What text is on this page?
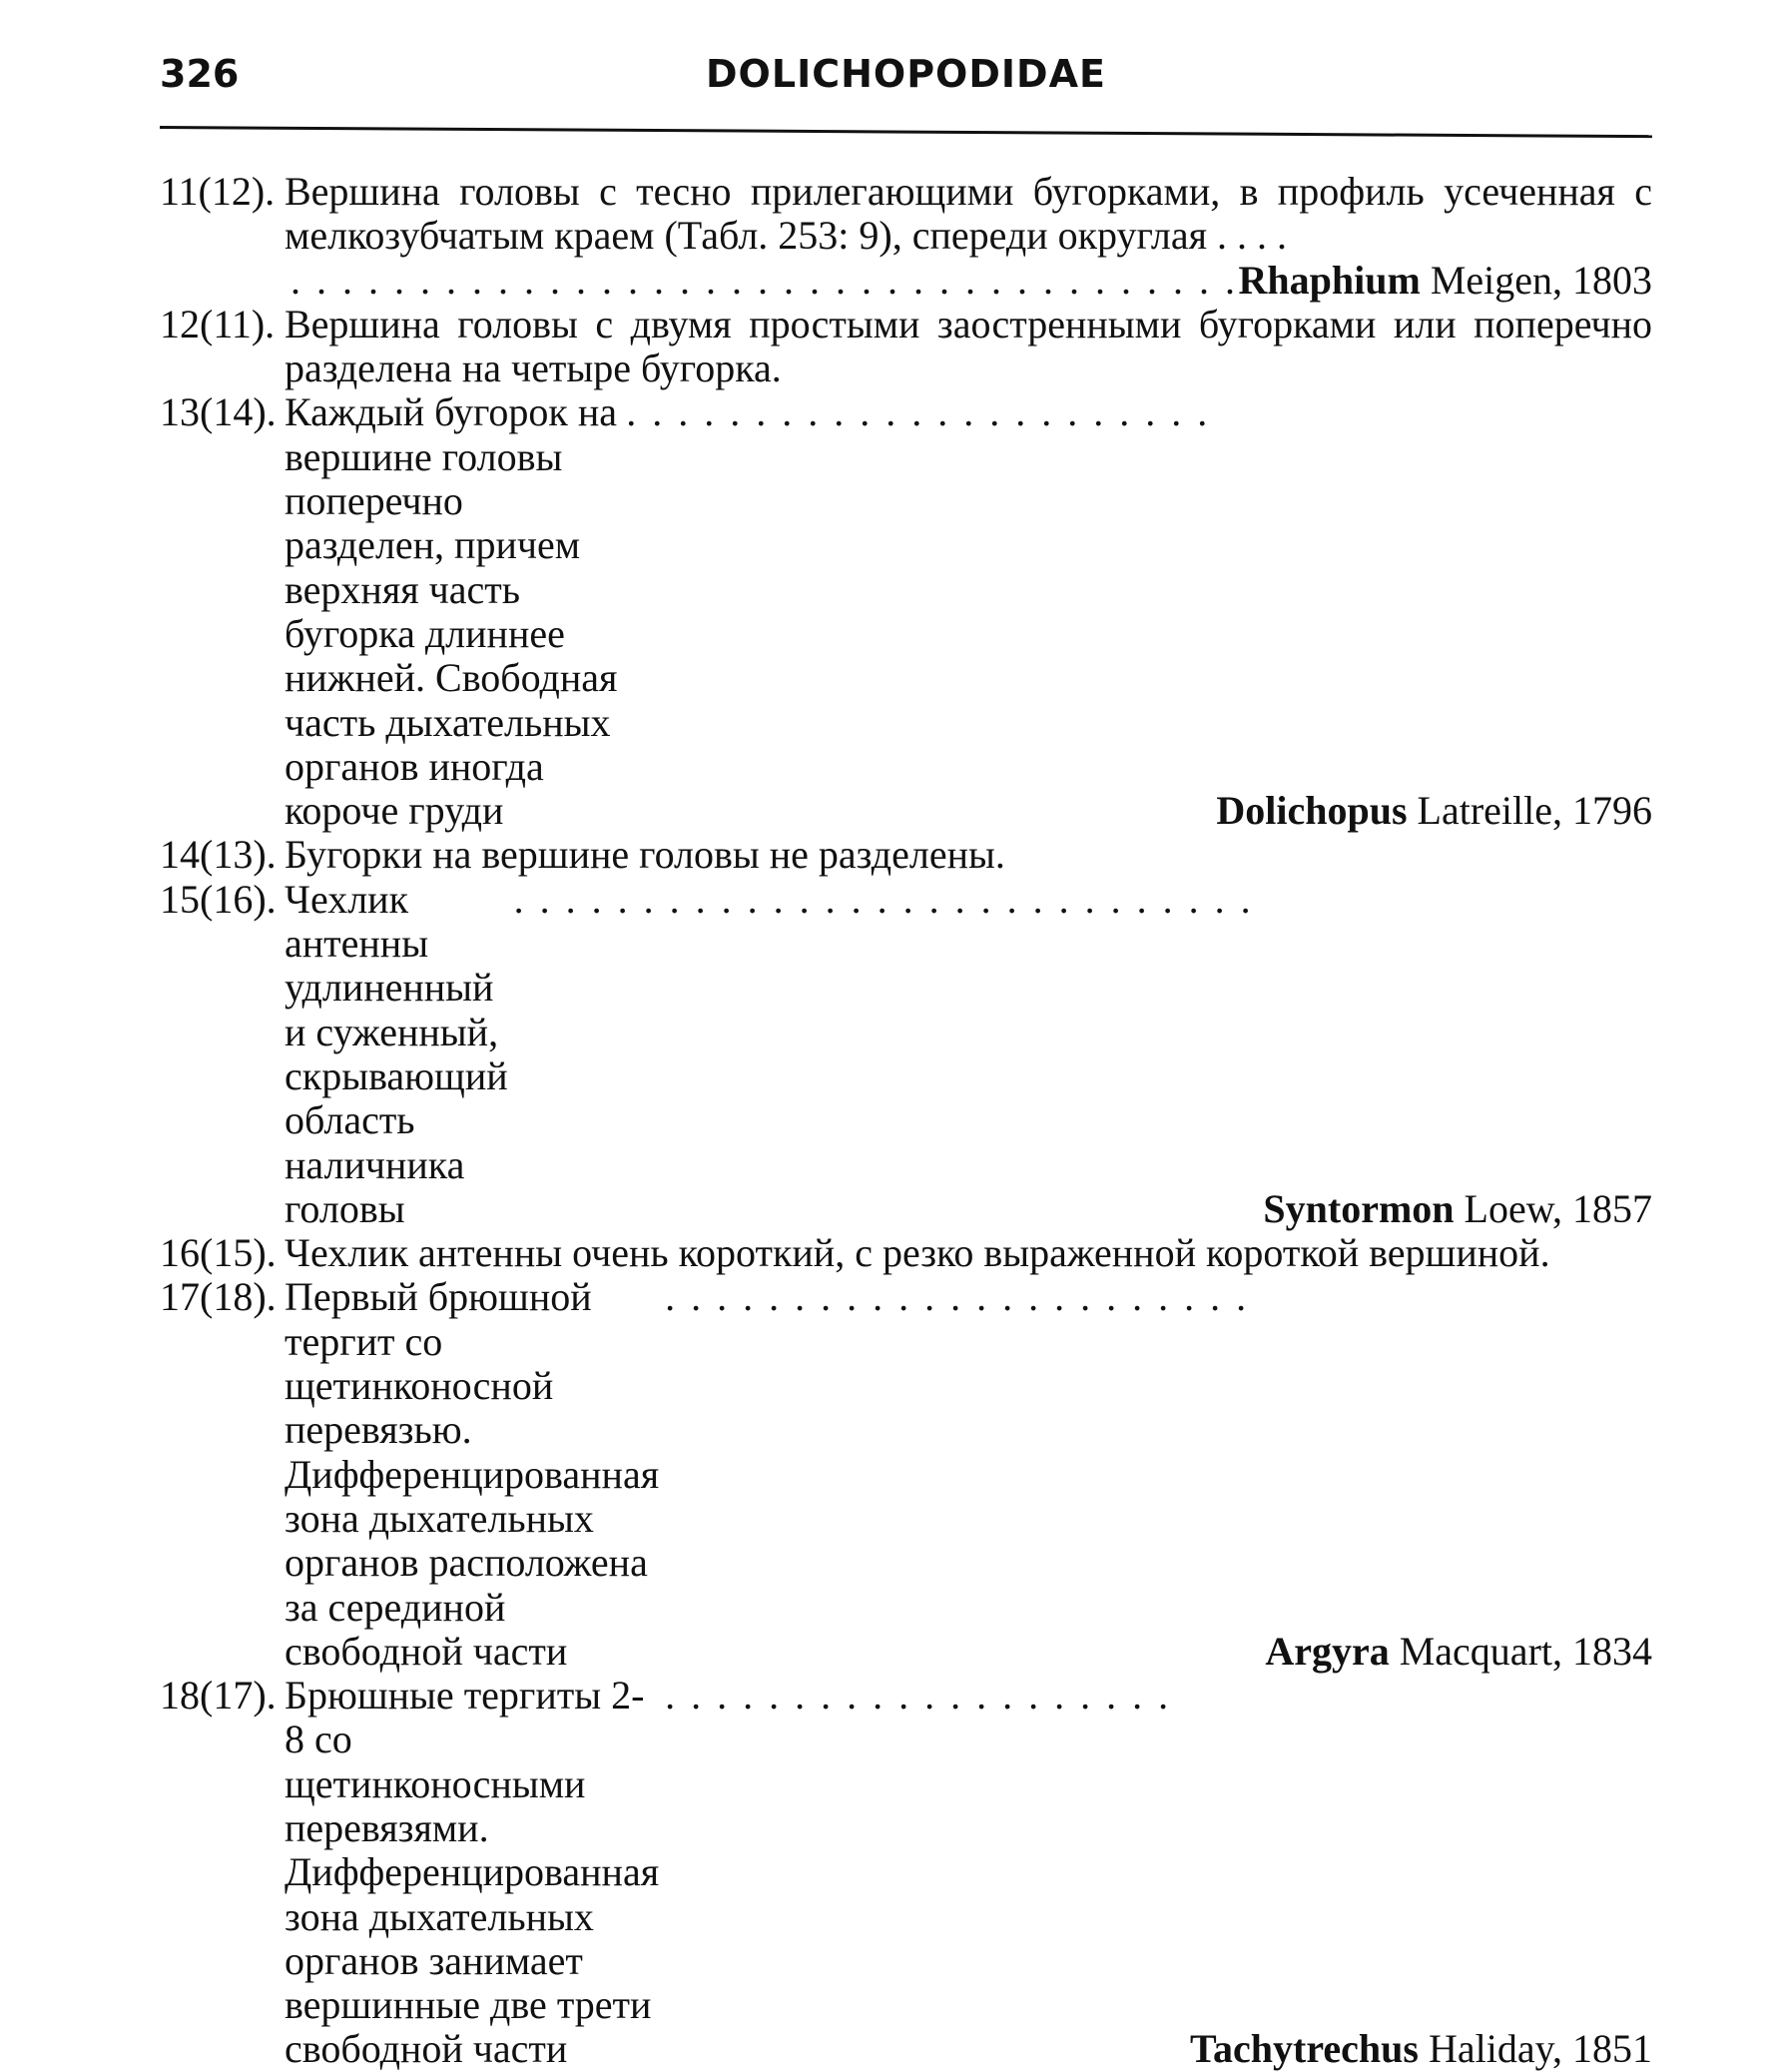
326	DOLICHOPODIDAE
11(12). Вершина головы с тесно прилегающими бугорками, в профиль усеченная с мелкозубчатым краем (Табл. 253: 9), спереди округлая . . . .
. . .
Rhaphium Meigen, 1803
12(11). Вершина головы с двумя простыми заостренными бугорками или поперечно разделена на четыре бугорка.
13(14). Каждый бугорок на вершине головы поперечно разделен, причем верхняя часть бугорка длиннее нижней. Свободная часть дыхательных органов иногда короче груди
. . .	Dolichopus Latreille, 1796
14(13). Бугорки на вершине головы не разделены.
15(16). Чехлик антенны удлиненный и суженный, скрывающий область наличника головы
. . .	Syntormon Loew, 1857
16(15). Чехлик антенны очень короткий, с резко выраженной короткой вершиной.
17(18). Первый брюшной тергит со щетинконосной перевязью. Дифференцированная зона дыхательных органов расположена за серединой свободной части
. . .	Argyra Macquart, 1834
18(17). Брюшные тергиты 2-8 со щетинконосными перевязями. Дифференцированная зона дыхательных органов занимает вершинные две трети свободной части
. . .	Tachytrechus Haliday, 1851
